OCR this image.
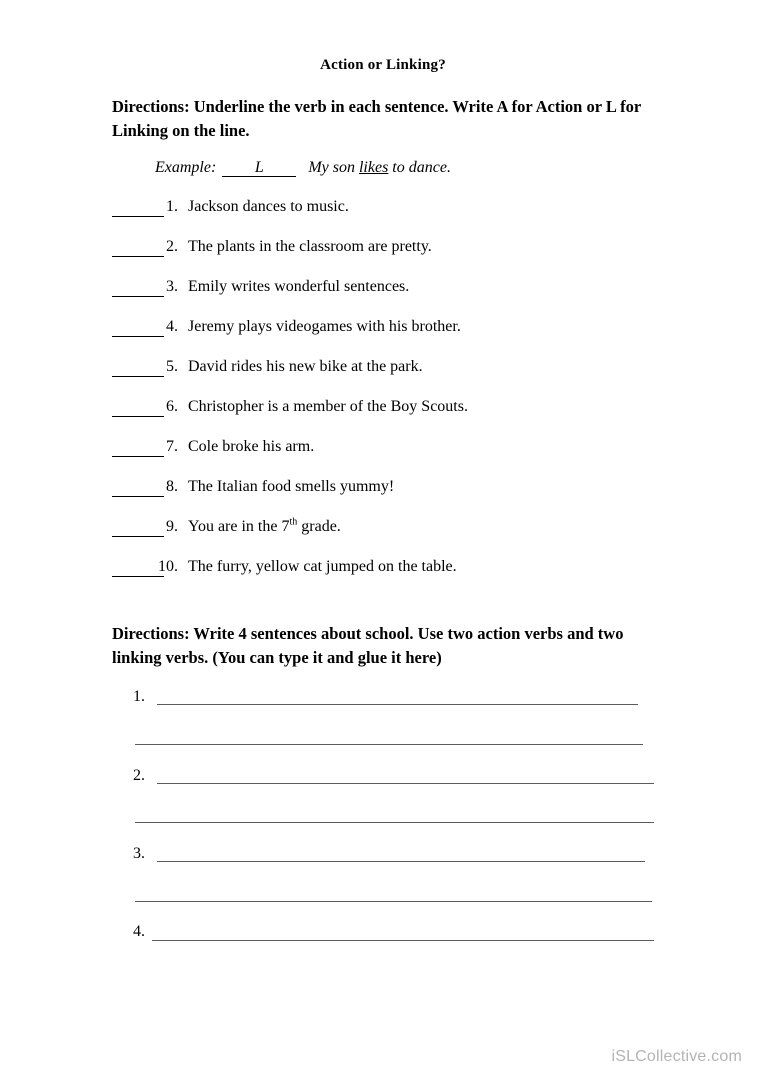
Action or Linking?
Directions: Underline the verb in each sentence. Write A for Action or L for Linking on the line.
Example: L	My son likes to dance.
1. Jackson dances to music.
2. The plants in the classroom are pretty.
3. Emily writes wonderful sentences.
4. Jeremy plays videogames with his brother.
5. David rides his new bike at the park.
6. Christopher is a member of the Boy Scouts.
7. Cole broke his arm.
8. The Italian food smells yummy!
9. You are in the 7th grade.
10. The furry, yellow cat jumped on the table.
Directions: Write 4 sentences about school. Use two action verbs and two linking verbs. (You can type it and glue it here)
1.
2.
3.
4.
iSLCollective.com
